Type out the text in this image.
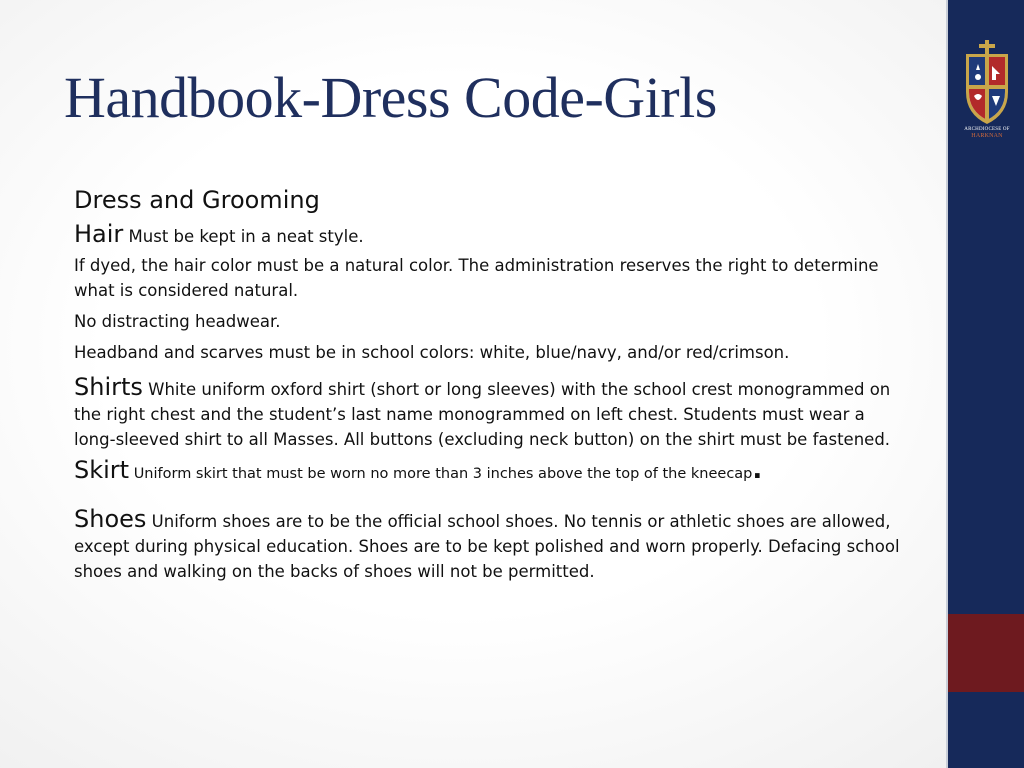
Handbook-Dress Code-Girls

Dress and Grooming

Hair Must be kept in a neat style.

If dyed, the hair color must be a natural color. The administration reserves the right to determine what is considered natural.

No distracting headwear.

Headband and scarves must be in school colors: white, blue/navy, and/or red/crimson.

Shirts White uniform oxford shirt (short or long sleeves) with the school crest monogrammed on the right chest and the student’s last name monogrammed on left chest. Students must wear a long-sleeved shirt to all Masses. All buttons (excluding neck button) on the shirt must be fastened.

Skirt Uniform skirt that must be worn no more than 3 inches above the top of the kneecap.

Shoes Uniform shoes are to be the official school shoes. No tennis or athletic shoes are allowed, except during physical education. Shoes are to be kept polished and worn properly. Defacing school shoes and walking on the backs of shoes will not be permitted.

ARCHDIOCESE OF
HARKNAN
